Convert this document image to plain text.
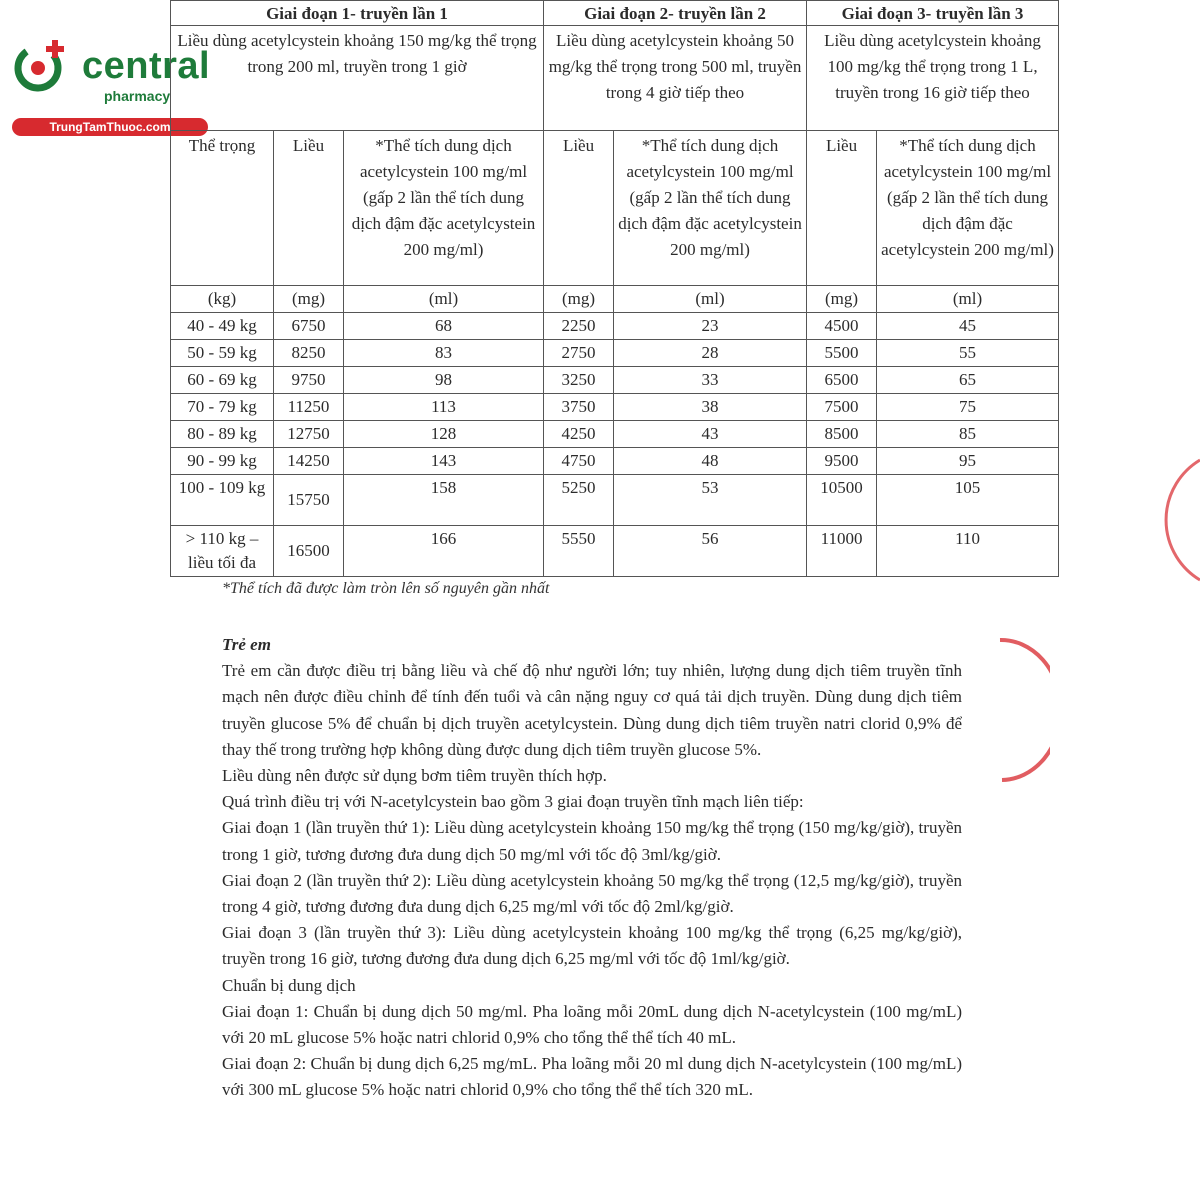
central
pharmacy
TrungTamThuoc.com
Giai đoạn 1- truyền lần 1			Giai đoạn 2- truyền lần 2		Giai đoạn 3- truyền lần 3	
Liều dùng acetylcystein khoảng 150 mg/kg thể trọng trong 200 ml, truyền trong 1 giờ			Liều dùng acetylcystein khoảng 50 mg/kg thể trọng trong 500 ml, truyền trong 4 giờ tiếp theo		Liều dùng acetylcystein khoảng 100 mg/kg thể trọng trong 1 L, truyền trong 16 giờ tiếp theo	
Thể trọng	Liều	*Thể tích dung dịch acetylcystein 100 mg/ml (gấp 2 lần thể tích dung dịch đậm đặc acetylcystein 200 mg/ml)	Liều	*Thể tích dung dịch acetylcystein 100 mg/ml (gấp 2 lần thể tích dung dịch đậm đặc acetylcystein 200 mg/ml)	Liều	*Thể tích dung dịch acetylcystein 100 mg/ml (gấp 2 lần thể tích dung dịch đậm đặc acetylcystein 200 mg/ml)
(kg)	(mg)	(ml)	(mg)	(ml)	(mg)	(ml)
40 - 49 kg	6750	68	2250	23	4500	45
50 - 59 kg	8250	83	2750	28	5500	55
60 - 69 kg	9750	98	3250	33	6500	65
70 - 79 kg	11250	113	3750	38	7500	75
80 - 89 kg	12750	128	4250	43	8500	85
90 - 99 kg	14250	143	4750	48	9500	95
100 - 109 kg	15750	158	5250	53	10500	105
> 110 kg – liều tối đa	16500	166	5550	56	11000	110
*Thể tích đã được làm tròn lên số nguyên gần nhất
Trẻ em

Trẻ em cần được điều trị bằng liều và chế độ như người lớn; tuy nhiên, lượng dung dịch tiêm truyền tĩnh mạch nên được điều chỉnh để tính đến tuổi và cân nặng nguy cơ quá tải dịch truyền. Dùng dung dịch tiêm truyền glucose 5% để chuẩn bị dịch truyền acetylcystein. Dùng dung dịch tiêm truyền natri clorid 0,9% để thay thế trong trường hợp không dùng được dung dịch tiêm truyền glucose 5%.

Liều dùng nên được sử dụng bơm tiêm truyền thích hợp.

Quá trình điều trị với N-acetylcystein bao gồm 3 giai đoạn truyền tĩnh mạch liên tiếp:

Giai đoạn 1 (lần truyền thứ 1): Liều dùng acetylcystein khoảng 150 mg/kg thể trọng (150 mg/kg/giờ), truyền trong 1 giờ, tương đương đưa dung dịch 50 mg/ml với tốc độ 3ml/kg/giờ.

Giai đoạn 2 (lần truyền thứ 2): Liều dùng acetylcystein khoảng 50 mg/kg thể trọng (12,5 mg/kg/giờ), truyền trong 4 giờ, tương đương đưa dung dịch 6,25 mg/ml với tốc độ 2ml/kg/giờ.

Giai đoạn 3 (lần truyền thứ 3): Liều dùng acetylcystein khoảng 100 mg/kg thể trọng (6,25 mg/kg/giờ), truyền trong 16 giờ, tương đương đưa dung dịch 6,25 mg/ml với tốc độ 1ml/kg/giờ.

Chuẩn bị dung dịch

Giai đoạn 1: Chuẩn bị dung dịch 50 mg/ml. Pha loãng mỗi 20mL dung dịch N-acetylcystein (100 mg/mL) với 20 mL glucose 5% hoặc natri chlorid 0,9% cho tổng thể thể tích 40 mL.

Giai đoạn 2: Chuẩn bị dung dịch 6,25 mg/mL. Pha loãng mỗi 20 ml dung dịch N-acetylcystein (100 mg/mL) với 300 mL glucose 5% hoặc natri chlorid 0,9% cho tổng thể thể tích 320 mL.
